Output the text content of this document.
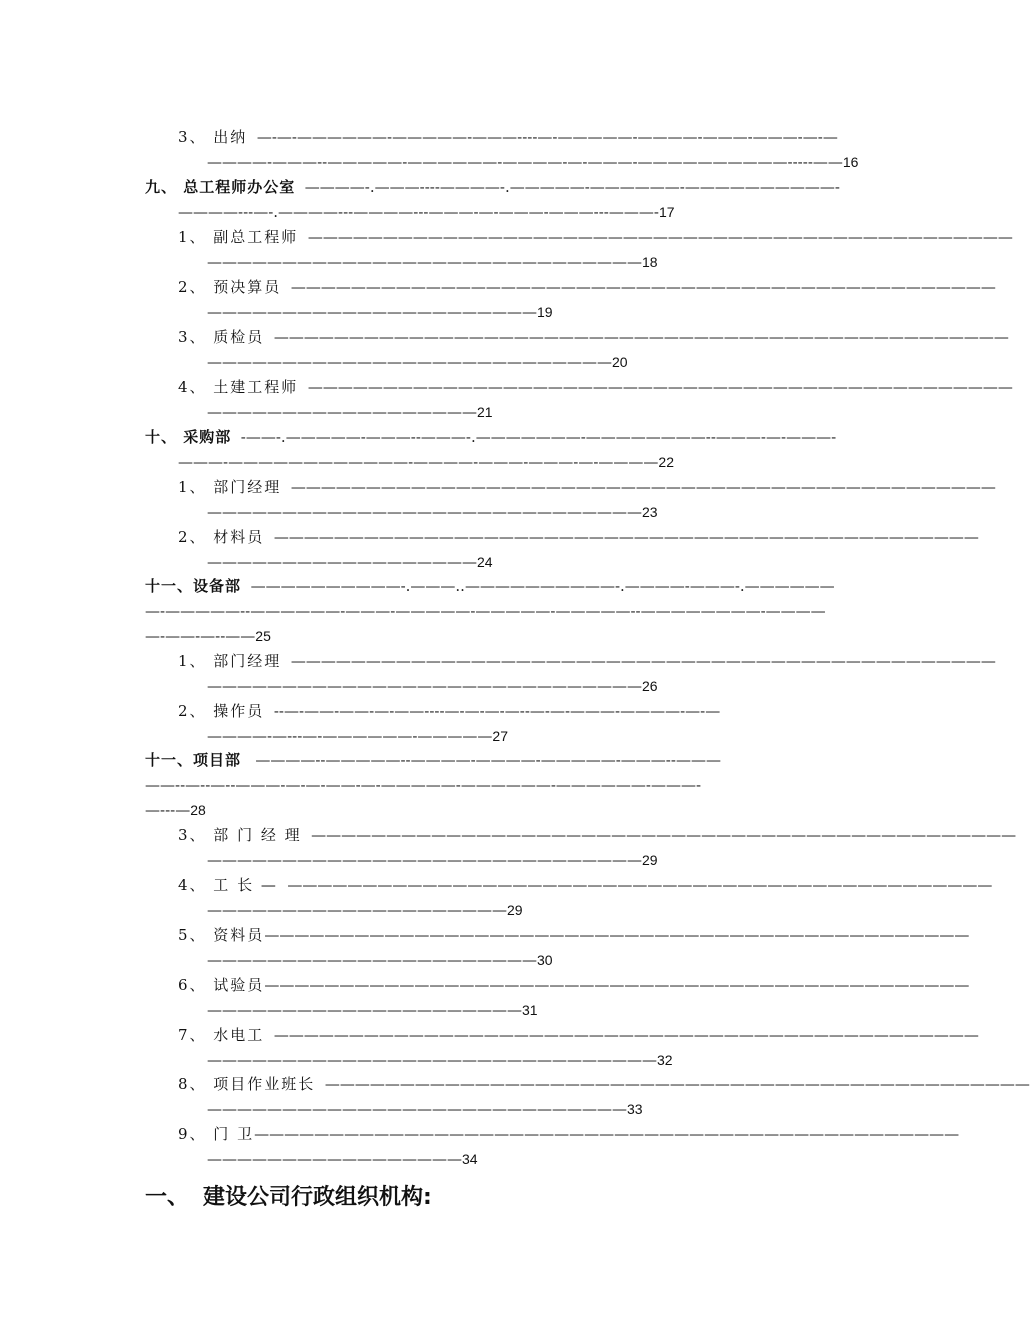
3、 出纳  —-—-——————-—————-———----—-—————-————-———-———-—-—
————-———--—————-——————-————-—-———-——————————-----——16
九、 总工程师办公室  ————-.———----————-.—————-——————-——————————-
————---—-.————---————---———-—-———-———---———-17
1、 副总工程师  ———————————————————————————————————————————————
—————————————————————————————18
2、 预决算员  ———————————————————————————————————————————————
——————————————————————19
3、 质检员  —————————————————————————————————————————————————
———————————————————————————20
4、 土建工程师  ———————————————————————————————————————————————
——————————————————21
十、 采购部  -——-.—————-———--———-.———————-————————--———-—-———-
———-————————————-————-———-———-—-————22
1、 部门经理  ———————————————————————————————————————————————
—————————————————————————————23
2、 材料员  ———————————————————————————————————————————————
——————————————————24
十一、设备部  ——————————-.———..——————————-.————-———-.——————
—-—————--——————-———-—————-—————-—————--————————-————
—-——-—--——25
1、 部门经理  ———————————————————————————————————————————————
—————————————————————————————26
2、 操作员  --—-——-——-—-——----—-—-—-—--—-—-———-————-—-—
————-—---—-——————-—————27
十一、项目部   ————--—————--————-————-—————-———--———
——--—--—--———-—-—-——-—-—————-——————-——————-———-
—---—28
3、 部 门 经 理  ———————————————————————————————————————————————
—————————————————————————————29
4、 工 长 —  ———————————————————————————————————————————————
————————————————————29
5、 资料员———————————————————————————————————————————————
——————————————————————30
6、 试验员———————————————————————————————————————————————
—————————————————————31
7、 水电工  ———————————————————————————————————————————————
——————————————————————————————32
8、 项目作业班长  ———————————————————————————————————————————————
————————————————————————————33
9、 门 卫———————————————————————————————————————————————
—————————————————34
一、 建设公司行政组织机构:
